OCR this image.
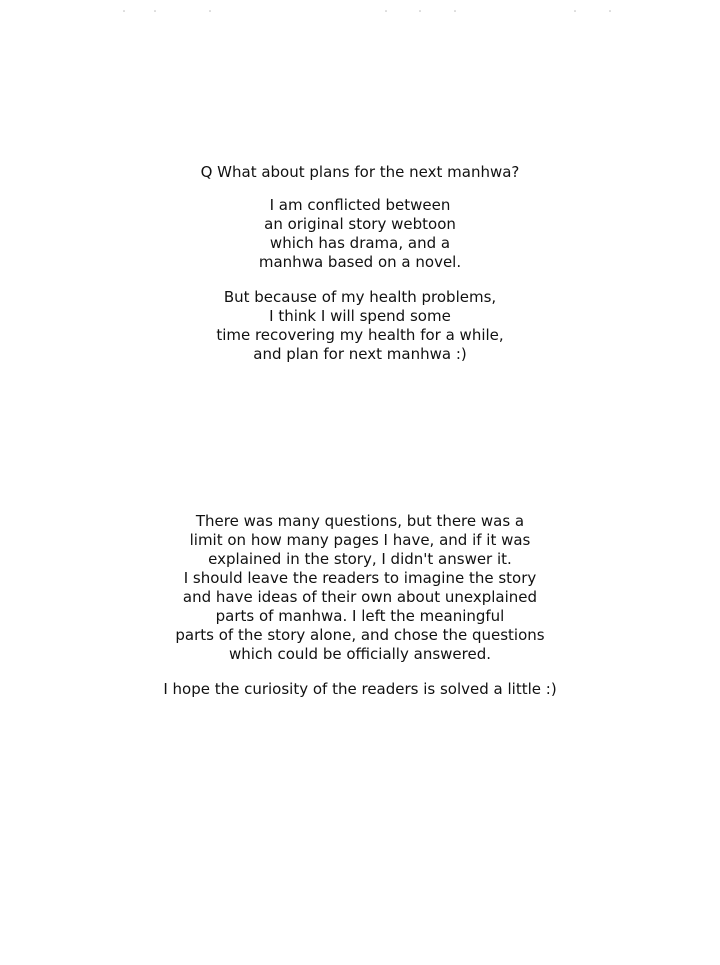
Q What about plans for the next manhwa?
I am conflicted between
an original story webtoon
which has drama, and a
manhwa based on a novel.
But because of my health problems,
I think I will spend some
time recovering my health for a while,
and plan for next manhwa :)
There was many questions, but there was a
limit on how many pages I have, and if it was
explained in the story, I didn't answer it.
I should leave the readers to imagine the story
and have ideas of their own about unexplained
parts of manhwa. I left the meaningful
parts of the story alone, and chose the questions
which could be officially answered.
I hope the curiosity of the readers is solved a little :)
